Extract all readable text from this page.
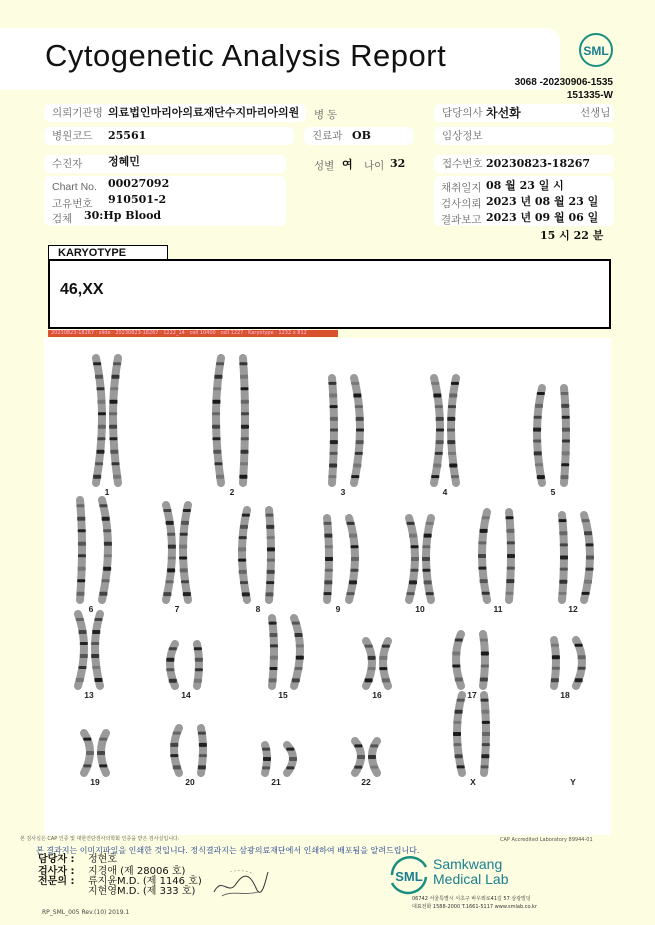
Cytogenetic Analysis Report	SML
3068 -20230906-1535
151335-W
의뢰기관명 의료법인마리아의료재단수지마리아의원 병 동	담당의사 차선화	선생님
병원코드 25561	진료과 OB	임상정보
수진자 정혜민	성별 여 나이 32	접수번호 20230823-18267
Chart No. 00027092
고유번호 910501-2
검체 30:Hp Blood
채취일지 08 월 23 일 시
검사의뢰 2023 년 08 월 23 일
결과보고 2023 년 09 월 06 일
15 시 22 분
KARYOTYPE
46,XX
20230823-18267 · slide · 20230823-18267 · 1222_14 · cell 10400 · cell 1227 · Karyotype · 1232 x 812
1	2	3	4	5
6	7	8	9	10	11	12
13	14	15	16	17	18
19	20	21	22	X	Y
본 검사실은 CAP 인증 및 대한진단검사의학회 인증을 받은 검사실입니다.	CAP Accredited Laboratory 89944-01
본 결과지는 이미지파일을 인쇄한 것입니다. 정식결과지는 삼광의료재단에서 인쇄하여 배포됨을 알려드립니다.
담당자 : 정현호
검사자 : 지경애 (제 28006 호)
전문의 : 류지윤M.D. (제 1146 호)
지현영M.D. (제 333 호)
SML
Samkwang
Medical Lab
06742 서울특별시 서초구 바우뫼로41길 57 삼광빌딩
대표전화 1588-2000 T.1661-5117 www.smlab.co.kr
RP_SML_005 Rev.(10) 2019.1
